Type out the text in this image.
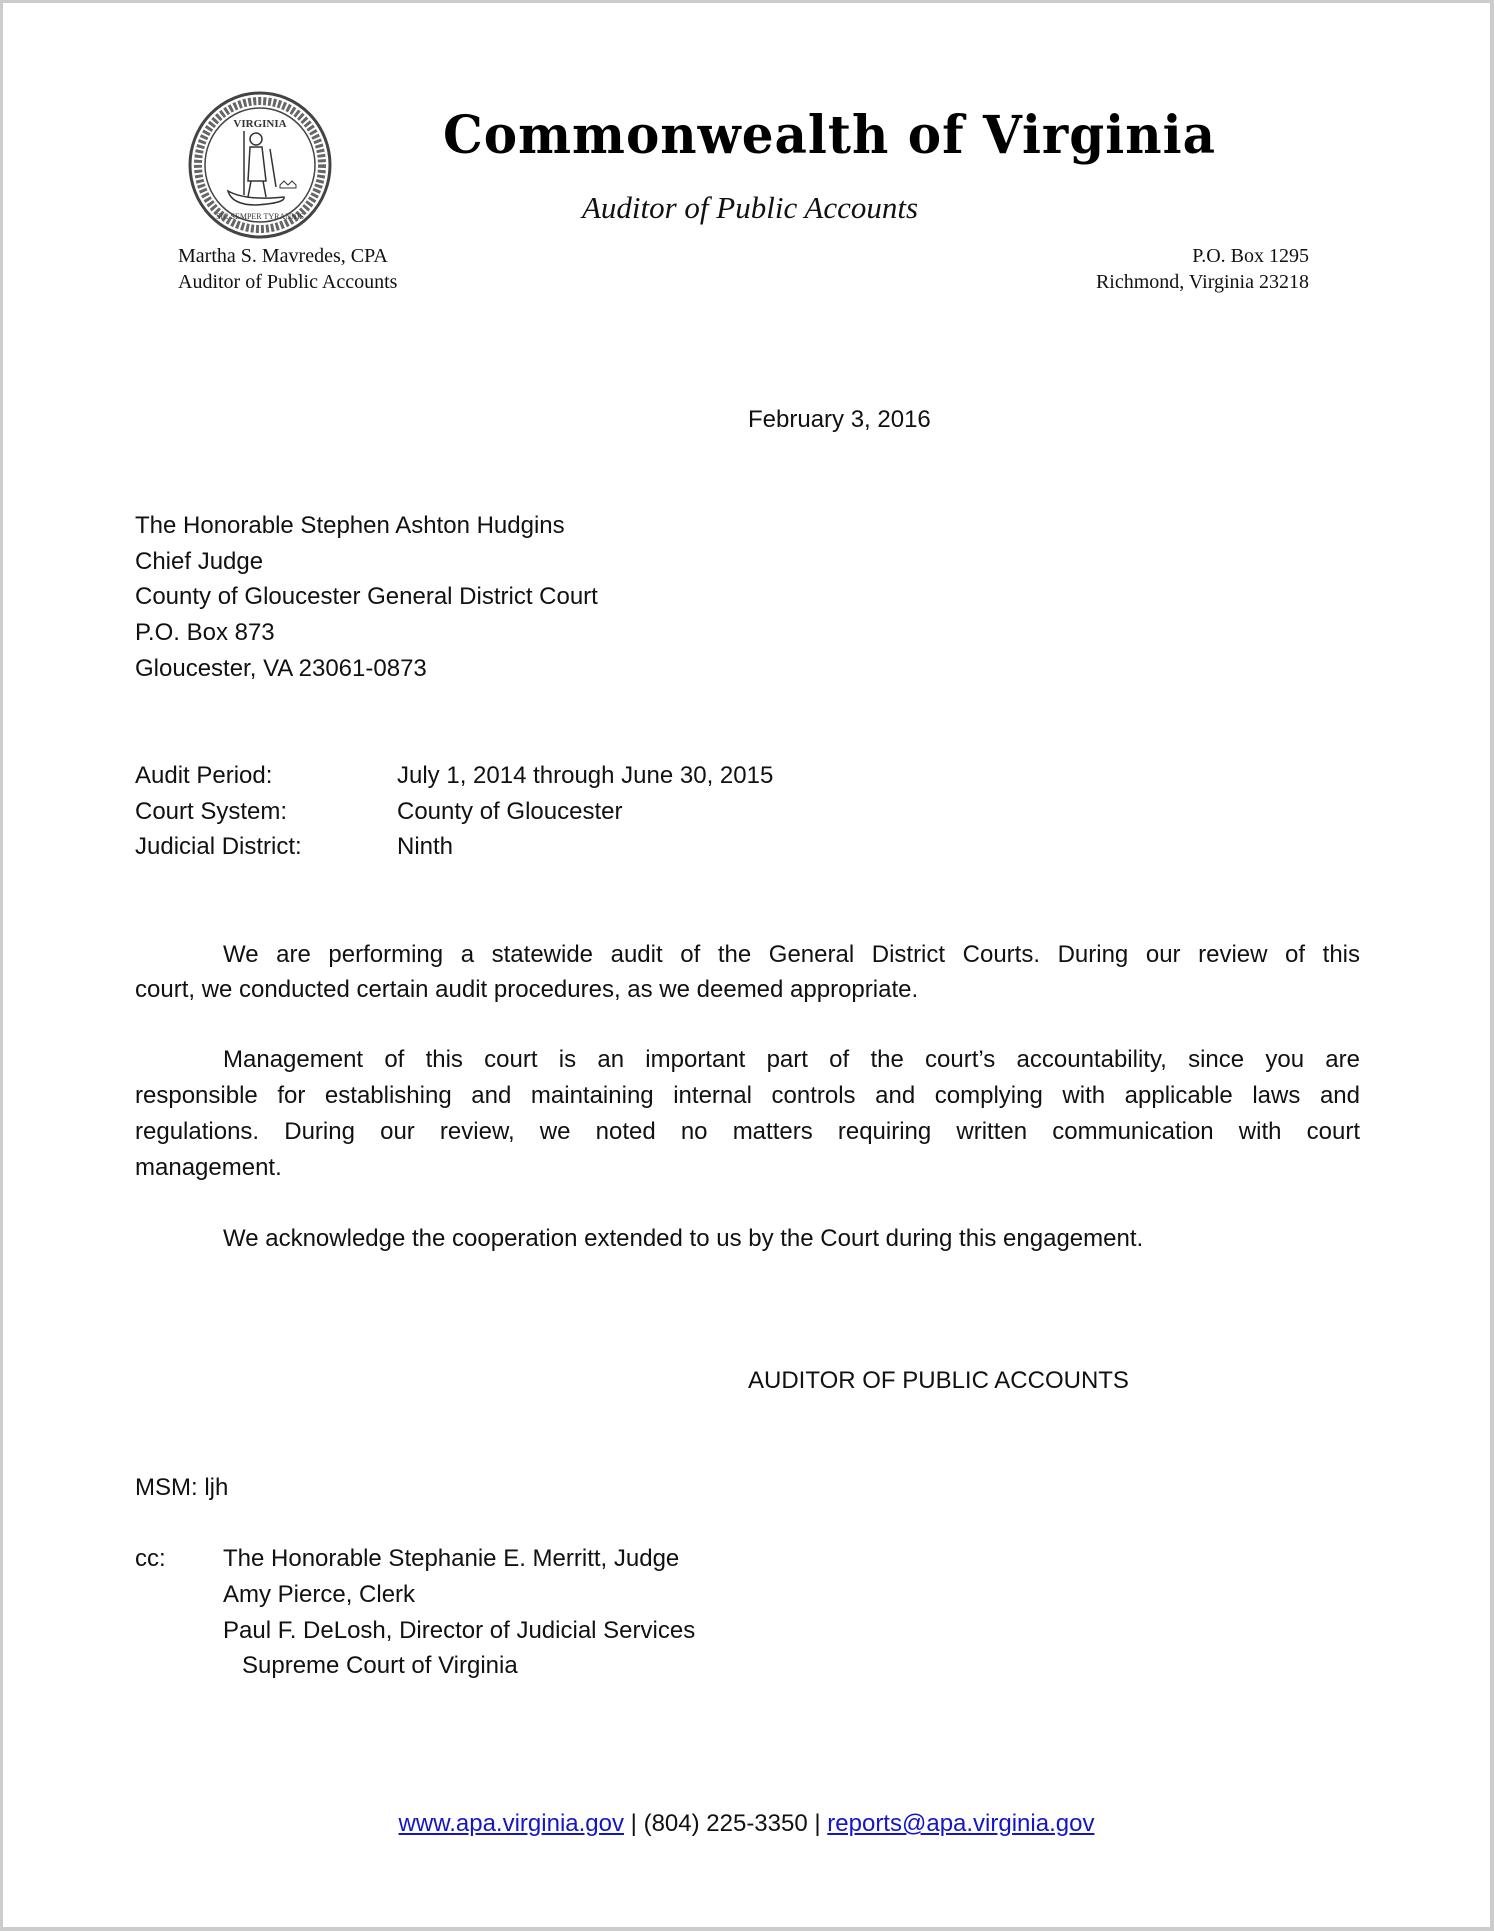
VIRGINIA
SIC SEMPER TYRANNIS
Commonwealth of Virginia
Auditor of Public Accounts
Martha S. Mavredes, CPA
Auditor of Public Accounts
P.O. Box 1295
Richmond, Virginia 23218
February 3, 2016
The Honorable Stephen Ashton Hudgins
Chief Judge
County of Gloucester General District Court
P.O. Box 873
Gloucester, VA 23061-0873
Audit Period:	July 1, 2014 through June 30, 2015
Court System:	County of Gloucester
Judicial District:	Ninth
We are performing a statewide audit of the General District Courts. During our review of this
court, we conducted certain audit procedures, as we deemed appropriate.
Management of this court is an important part of the court’s accountability, since you are
responsible for establishing and maintaining internal controls and complying with applicable laws and
regulations. During our review, we noted no matters requiring written communication with court
management.
We acknowledge the cooperation extended to us by the Court during this engagement.
AUDITOR OF PUBLIC ACCOUNTS
MSM: ljh
cc: The Honorable Stephanie E. Merritt, Judge
Amy Pierce, Clerk
Paul F. DeLosh, Director of Judicial Services
Supreme Court of Virginia
www.apa.virginia.gov | (804) 225-3350 | reports@apa.virginia.gov
